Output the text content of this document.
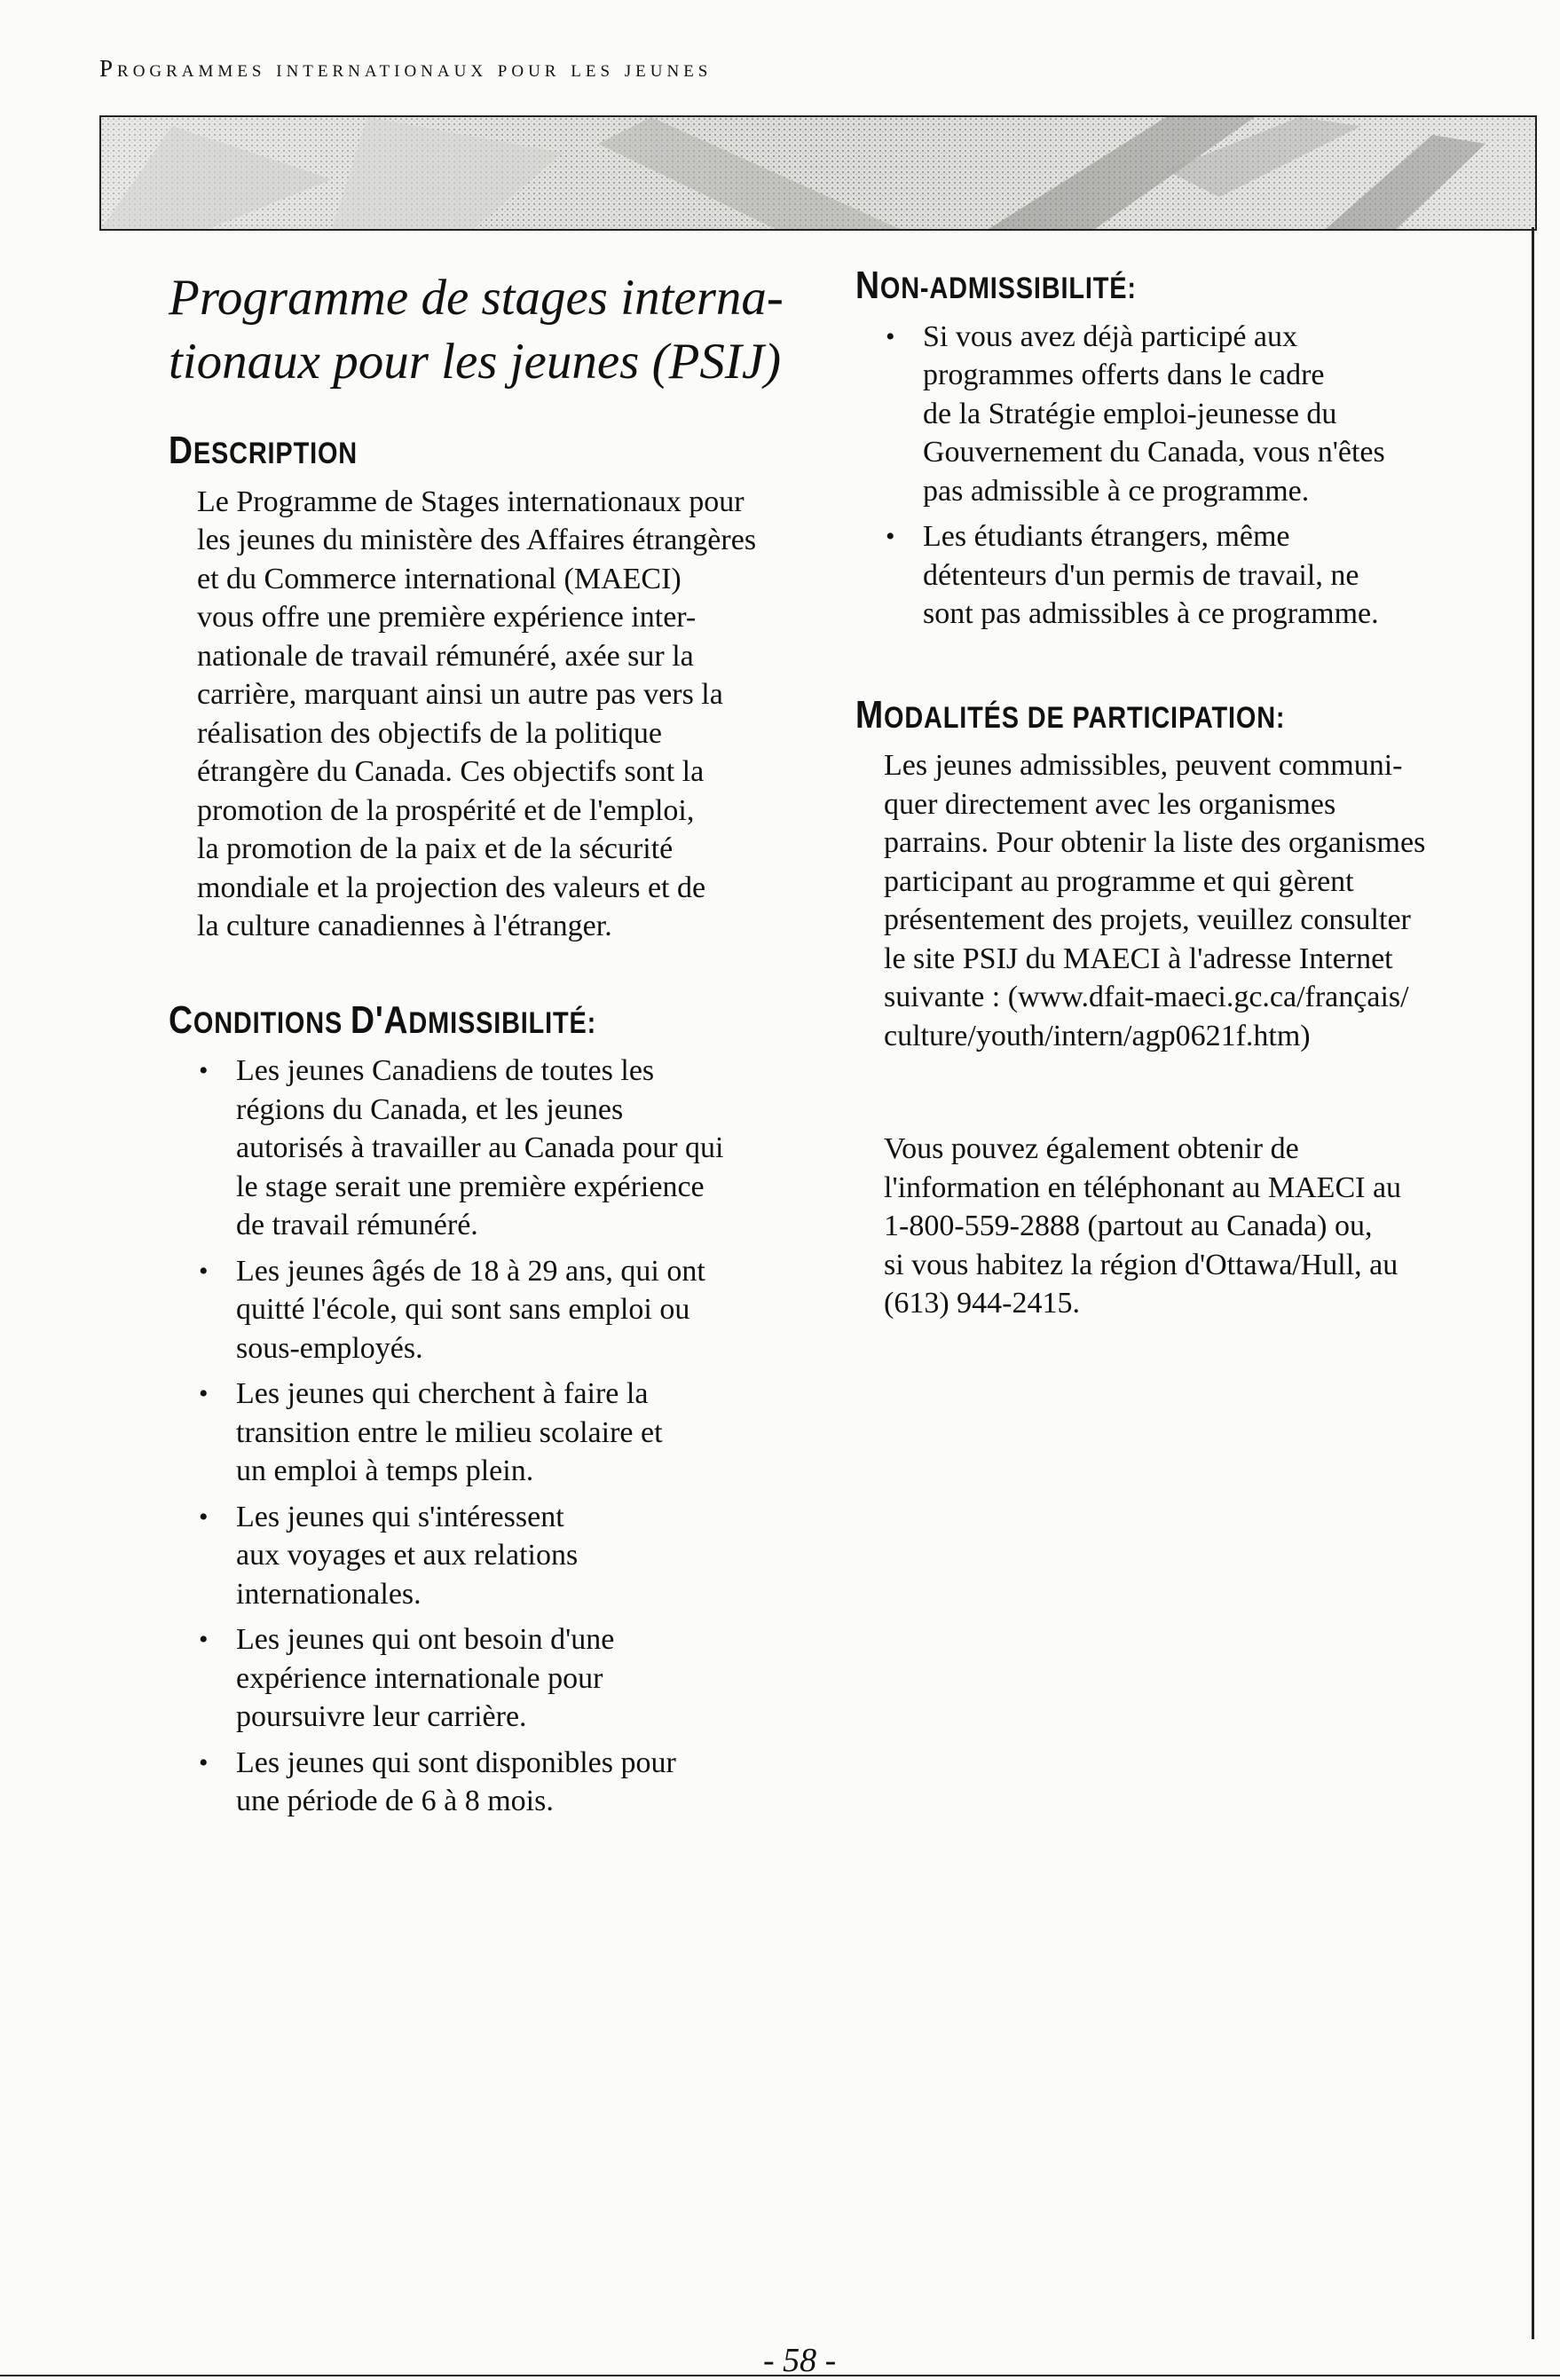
Programmes internationaux pour les jeunes
Programme de stages interna-
tionaux pour les jeunes (PSIJ)
DESCRIPTION
Le Programme de Stages internationaux pour
les jeunes du ministère des Affaires étrangères
et du Commerce international (MAECI)
vous offre une première expérience inter-
nationale de travail rémunéré, axée sur la
carrière, marquant ainsi un autre pas vers la
réalisation des objectifs de la politique
étrangère du Canada. Ces objectifs sont la
promotion de la prospérité et de l'emploi,
la promotion de la paix et de la sécurité
mondiale et la projection des valeurs et de
la culture canadiennes à l'étranger.
CONDITIONS D'ADMISSIBILITÉ:
• Les jeunes Canadiens de toutes les
régions du Canada, et les jeunes
autorisés à travailler au Canada pour qui
le stage serait une première expérience
de travail rémunéré.
• Les jeunes âgés de 18 à 29 ans, qui ont
quitté l'école, qui sont sans emploi ou
sous-employés.
• Les jeunes qui cherchent à faire la
transition entre le milieu scolaire et
un emploi à temps plein.
• Les jeunes qui s'intéressent
aux voyages et aux relations
internationales.
• Les jeunes qui ont besoin d'une
expérience internationale pour
poursuivre leur carrière.
• Les jeunes qui sont disponibles pour
une période de 6 à 8 mois.
NON-ADMISSIBILITÉ:
• Si vous avez déjà participé aux
programmes offerts dans le cadre
de la Stratégie emploi-jeunesse du
Gouvernement du Canada, vous n'êtes
pas admissible à ce programme.
• Les étudiants étrangers, même
détenteurs d'un permis de travail, ne
sont pas admissibles à ce programme.
MODALITÉS DE PARTICIPATION:
Les jeunes admissibles, peuvent communi-
quer directement avec les organismes
parrains. Pour obtenir la liste des organismes
participant au programme et qui gèrent
présentement des projets, veuillez consulter
le site PSIJ du MAECI à l'adresse Internet
suivante : (www.dfait-maeci.gc.ca/français/
culture/youth/intern/agp0621f.htm)
Vous pouvez également obtenir de
l'information en téléphonant au MAECI au
1-800-559-2888 (partout au Canada) ou,
si vous habitez la région d'Ottawa/Hull, au
(613) 944-2415.
- 58 -
